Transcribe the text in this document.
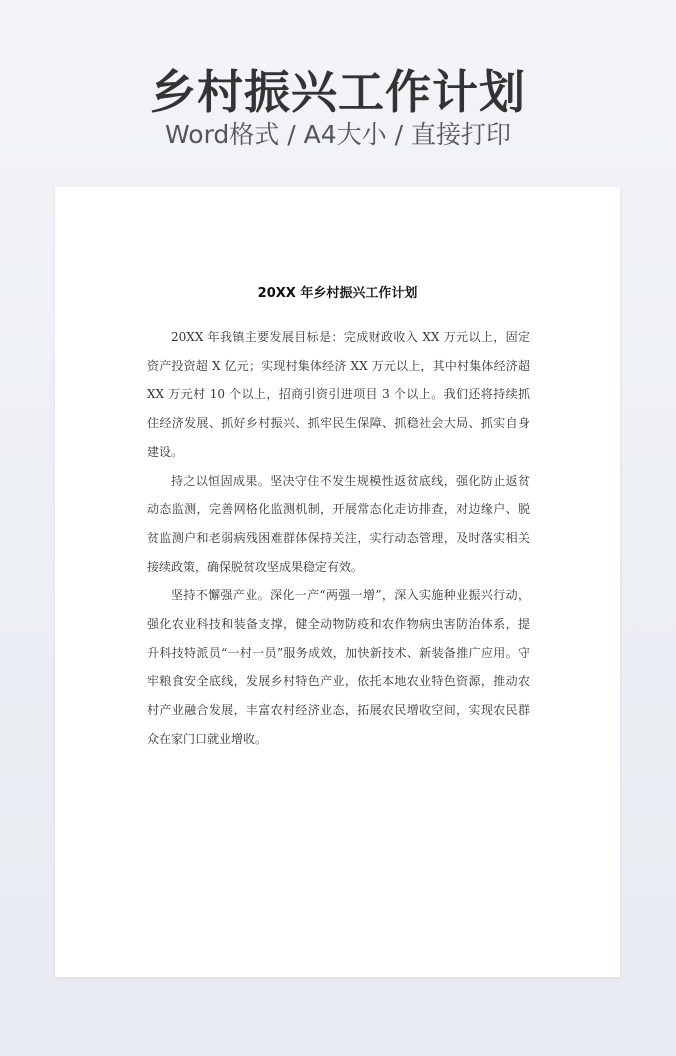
乡村振兴工作计划
Word格式 / A4大小 / 直接打印
20XX 年乡村振兴工作计划

20XX 年我镇主要发展目标是：完成财政收入 XX 万元以上，固定资产投资超 X 亿元；实现村集体经济 XX 万元以上，其中村集体经济超 XX 万元村 10 个以上，招商引资引进项目 3 个以上。我们还将持续抓住经济发展、抓好乡村振兴、抓牢民生保障、抓稳社会大局、抓实自身建设。

持之以恒固成果。坚决守住不发生规模性返贫底线，强化防止返贫动态监测，完善网格化监测机制，开展常态化走访排查，对边缘户、脱贫监测户和老弱病残困难群体保持关注，实行动态管理，及时落实相关接续政策，确保脱贫攻坚成果稳定有效。

坚持不懈强产业。深化一产“两强一增”，深入实施种业振兴行动，强化农业科技和装备支撑，健全动物防疫和农作物病虫害防治体系，提升科技特派员“一村一员”服务成效，加快新技术、新装备推广应用。守牢粮食安全底线，发展乡村特色产业，依托本地农业特色资源，推动农村产业融合发展，丰富农村经济业态，拓展农民增收空间，实现农民群众在家门口就业增收。
